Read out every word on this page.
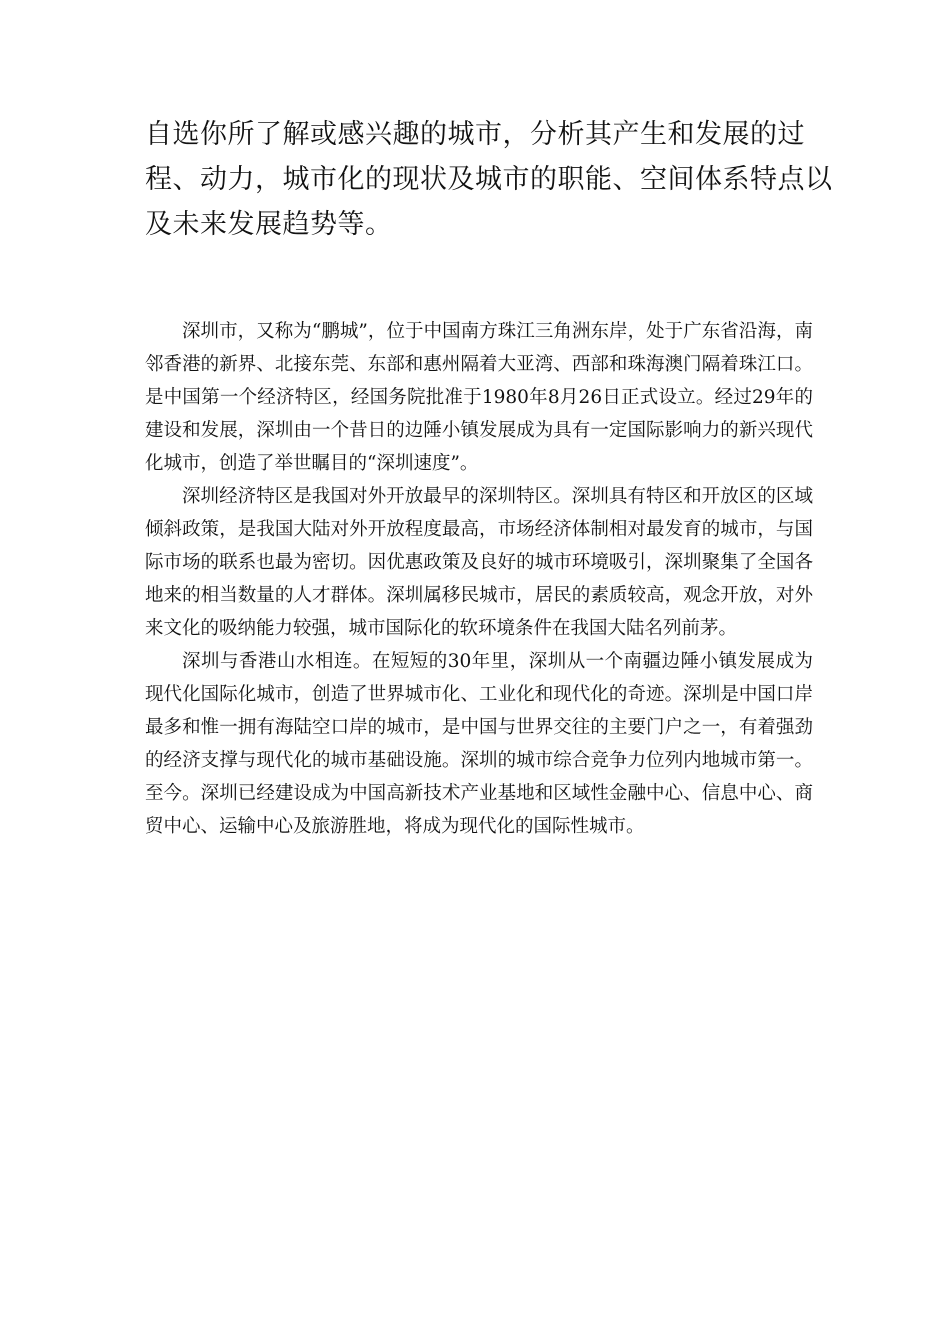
自选你所了解或感兴趣的城市，分析其产生和发展的过程、动力，城市化的现状及城市的职能、空间体系特点以及未来发展趋势等。

深圳市，又称为“鹏城”，位于中国南方珠江三角洲东岸，处于广东省沿海，南邻香港的新界、北接东莞、东部和惠州隔着大亚湾、西部和珠海澳门隔着珠江口。是中国第一个经济特区，经国务院批准于1980年8月26日正式设立。经过29年的建设和发展，深圳由一个昔日的边陲小镇发展成为具有一定国际影响力的新兴现代化城市，创造了举世瞩目的“深圳速度”。

深圳经济特区是我国对外开放最早的深圳特区。深圳具有特区和开放区的区域倾斜政策，是我国大陆对外开放程度最高，市场经济体制相对最发育的城市，与国际市场的联系也最为密切。因优惠政策及良好的城市环境吸引，深圳聚集了全国各地来的相当数量的人才群体。深圳属移民城市，居民的素质较高，观念开放，对外来文化的吸纳能力较强，城市国际化的软环境条件在我国大陆名列前茅。

深圳与香港山水相连。在短短的30年里，深圳从一个南疆边陲小镇发展成为现代化国际化城市，创造了世界城市化、工业化和现代化的奇迹。深圳是中国口岸最多和惟一拥有海陆空口岸的城市，是中国与世界交往的主要门户之一，有着强劲的经济支撑与现代化的城市基础设施。深圳的城市综合竞争力位列内地城市第一。至今。深圳已经建设成为中国高新技术产业基地和区域性金融中心、信息中心、商贸中心、运输中心及旅游胜地，将成为现代化的国际性城市。
